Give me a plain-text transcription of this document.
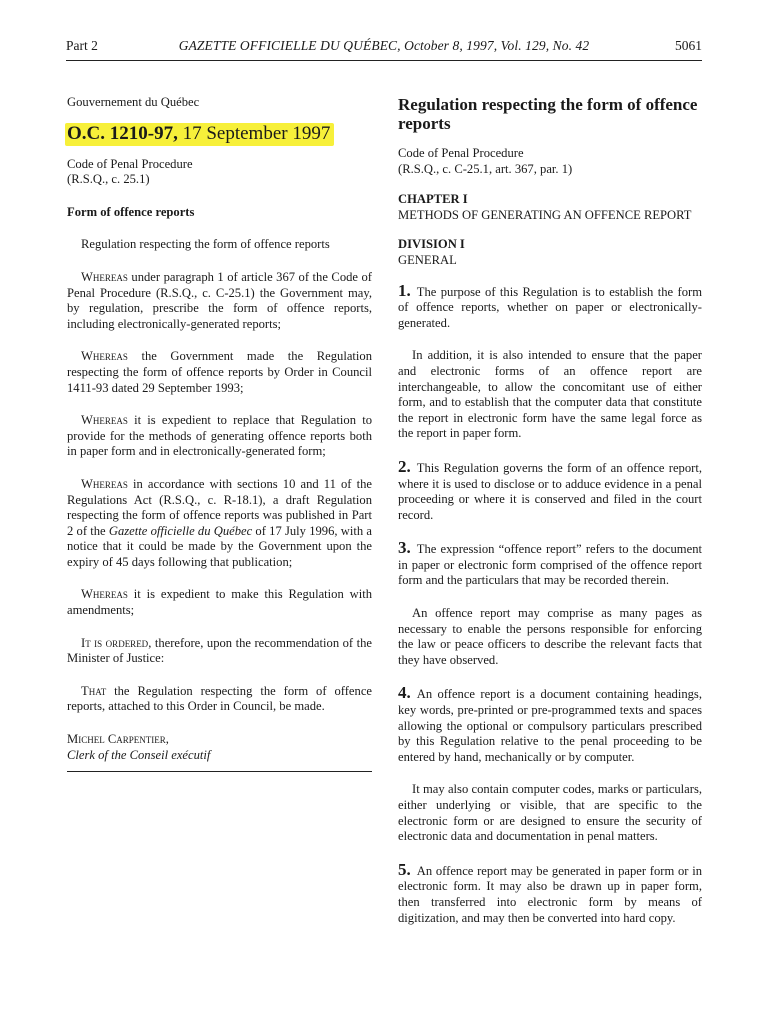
Part 2	GAZETTE OFFICIELLE DU QUÉBEC, October 8, 1997, Vol. 129, No. 42	5061
Gouvernement du Québec
O.C. 1210-97, 17 September 1997
Code of Penal Procedure
(R.S.Q., c. 25.1)
Form of offence reports

Regulation respecting the form of offence reports

Whereas under paragraph 1 of article 367 of the Code of Penal Procedure (R.S.Q., c. C-25.1) the Government may, by regulation, prescribe the form of offence reports, including electronically-generated reports;

Whereas the Government made the Regulation respecting the form of offence reports by Order in Council 1411-93 dated 29 September 1993;

Whereas it is expedient to replace that Regulation to provide for the methods of generating offence reports both in paper form and in electronically-generated form;

Whereas in accordance with sections 10 and 11 of the Regulations Act (R.S.Q., c. R-18.1), a draft Regulation respecting the form of offence reports was published in Part 2 of the Gazette officielle du Québec of 17 July 1996, with a notice that it could be made by the Government upon the expiry of 45 days following that publication;

Whereas it is expedient to make this Regulation with amendments;

It is ordered, therefore, upon the recommendation of the Minister of Justice:

That the Regulation respecting the form of offence reports, attached to this Order in Council, be made.

Michel Carpentier,
Clerk of the Conseil exécutif
Regulation respecting the form of offence reports
Code of Penal Procedure
(R.S.Q., c. C-25.1, art. 367, par. 1)
CHAPTER I
METHODS OF GENERATING AN OFFENCE REPORT
DIVISION I
GENERAL

1. The purpose of this Regulation is to establish the form of offence reports, whether on paper or electronically-generated.

In addition, it is also intended to ensure that the paper and electronic forms of an offence report are interchangeable, to allow the concomitant use of either form, and to establish that the computer data that constitute the report in electronic form have the same legal force as the report in paper form.

2. This Regulation governs the form of an offence report, where it is used to disclose or to adduce evidence in a penal proceeding or where it is conserved and filed in the court record.

3. The expression “offence report” refers to the document in paper or electronic form comprised of the offence report form and the particulars that may be recorded therein.

An offence report may comprise as many pages as necessary to enable the persons responsible for enforcing the law or peace officers to describe the relevant facts that they have observed.

4. An offence report is a document containing headings, key words, pre-printed or pre-programmed texts and spaces allowing the optional or compulsory particulars prescribed by this Regulation relative to the penal proceeding to be entered by hand, mechanically or by computer.

It may also contain computer codes, marks or particulars, either underlying or visible, that are specific to the electronic form or are designed to ensure the security of electronic data and documentation in penal matters.

5. An offence report may be generated in paper form or in electronic form. It may also be drawn up in paper form, then transferred into electronic form by means of digitization, and may then be converted into hard copy.
